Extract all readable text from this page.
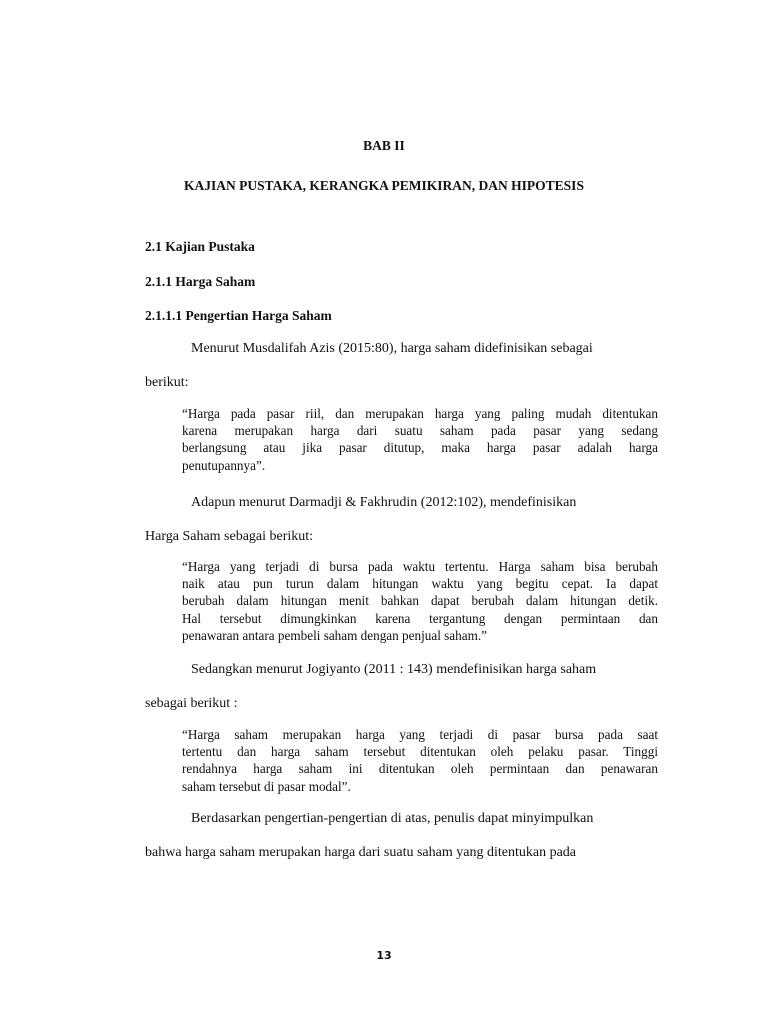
BAB II
KAJIAN PUSTAKA, KERANGKA PEMIKIRAN, DAN HIPOTESIS
2.1 Kajian Pustaka
2.1.1 Harga Saham
2.1.1.1 Pengertian Harga Saham
Menurut Musdalifah Azis (2015:80), harga saham didefinisikan sebagai
berikut:
“Harga pada pasar riil, dan merupakan harga yang paling mudah ditentukan
karena merupakan harga dari suatu saham pada pasar yang sedang
berlangsung atau jika pasar ditutup, maka harga pasar adalah harga
penutupannya”.
Adapun menurut Darmadji & Fakhrudin (2012:102), mendefinisikan
Harga Saham sebagai berikut:
“Harga yang terjadi di bursa pada waktu tertentu. Harga saham bisa berubah
naik atau pun turun dalam hitungan waktu yang begitu cepat. Ia dapat
berubah dalam hitungan menit bahkan dapat berubah dalam hitungan detik.
Hal tersebut dimungkinkan karena tergantung dengan permintaan dan
penawaran antara pembeli saham dengan penjual saham.”
Sedangkan menurut Jogiyanto (2011 : 143) mendefinisikan harga saham
sebagai berikut :
“Harga saham merupakan harga yang terjadi di pasar bursa pada saat
tertentu dan harga saham tersebut ditentukan oleh pelaku pasar. Tinggi
rendahnya harga saham ini ditentukan oleh permintaan dan penawaran
saham tersebut di pasar modal”.
Berdasarkan pengertian-pengertian di atas, penulis dapat minyimpulkan
bahwa harga saham merupakan harga dari suatu saham yang ditentukan pada
13
